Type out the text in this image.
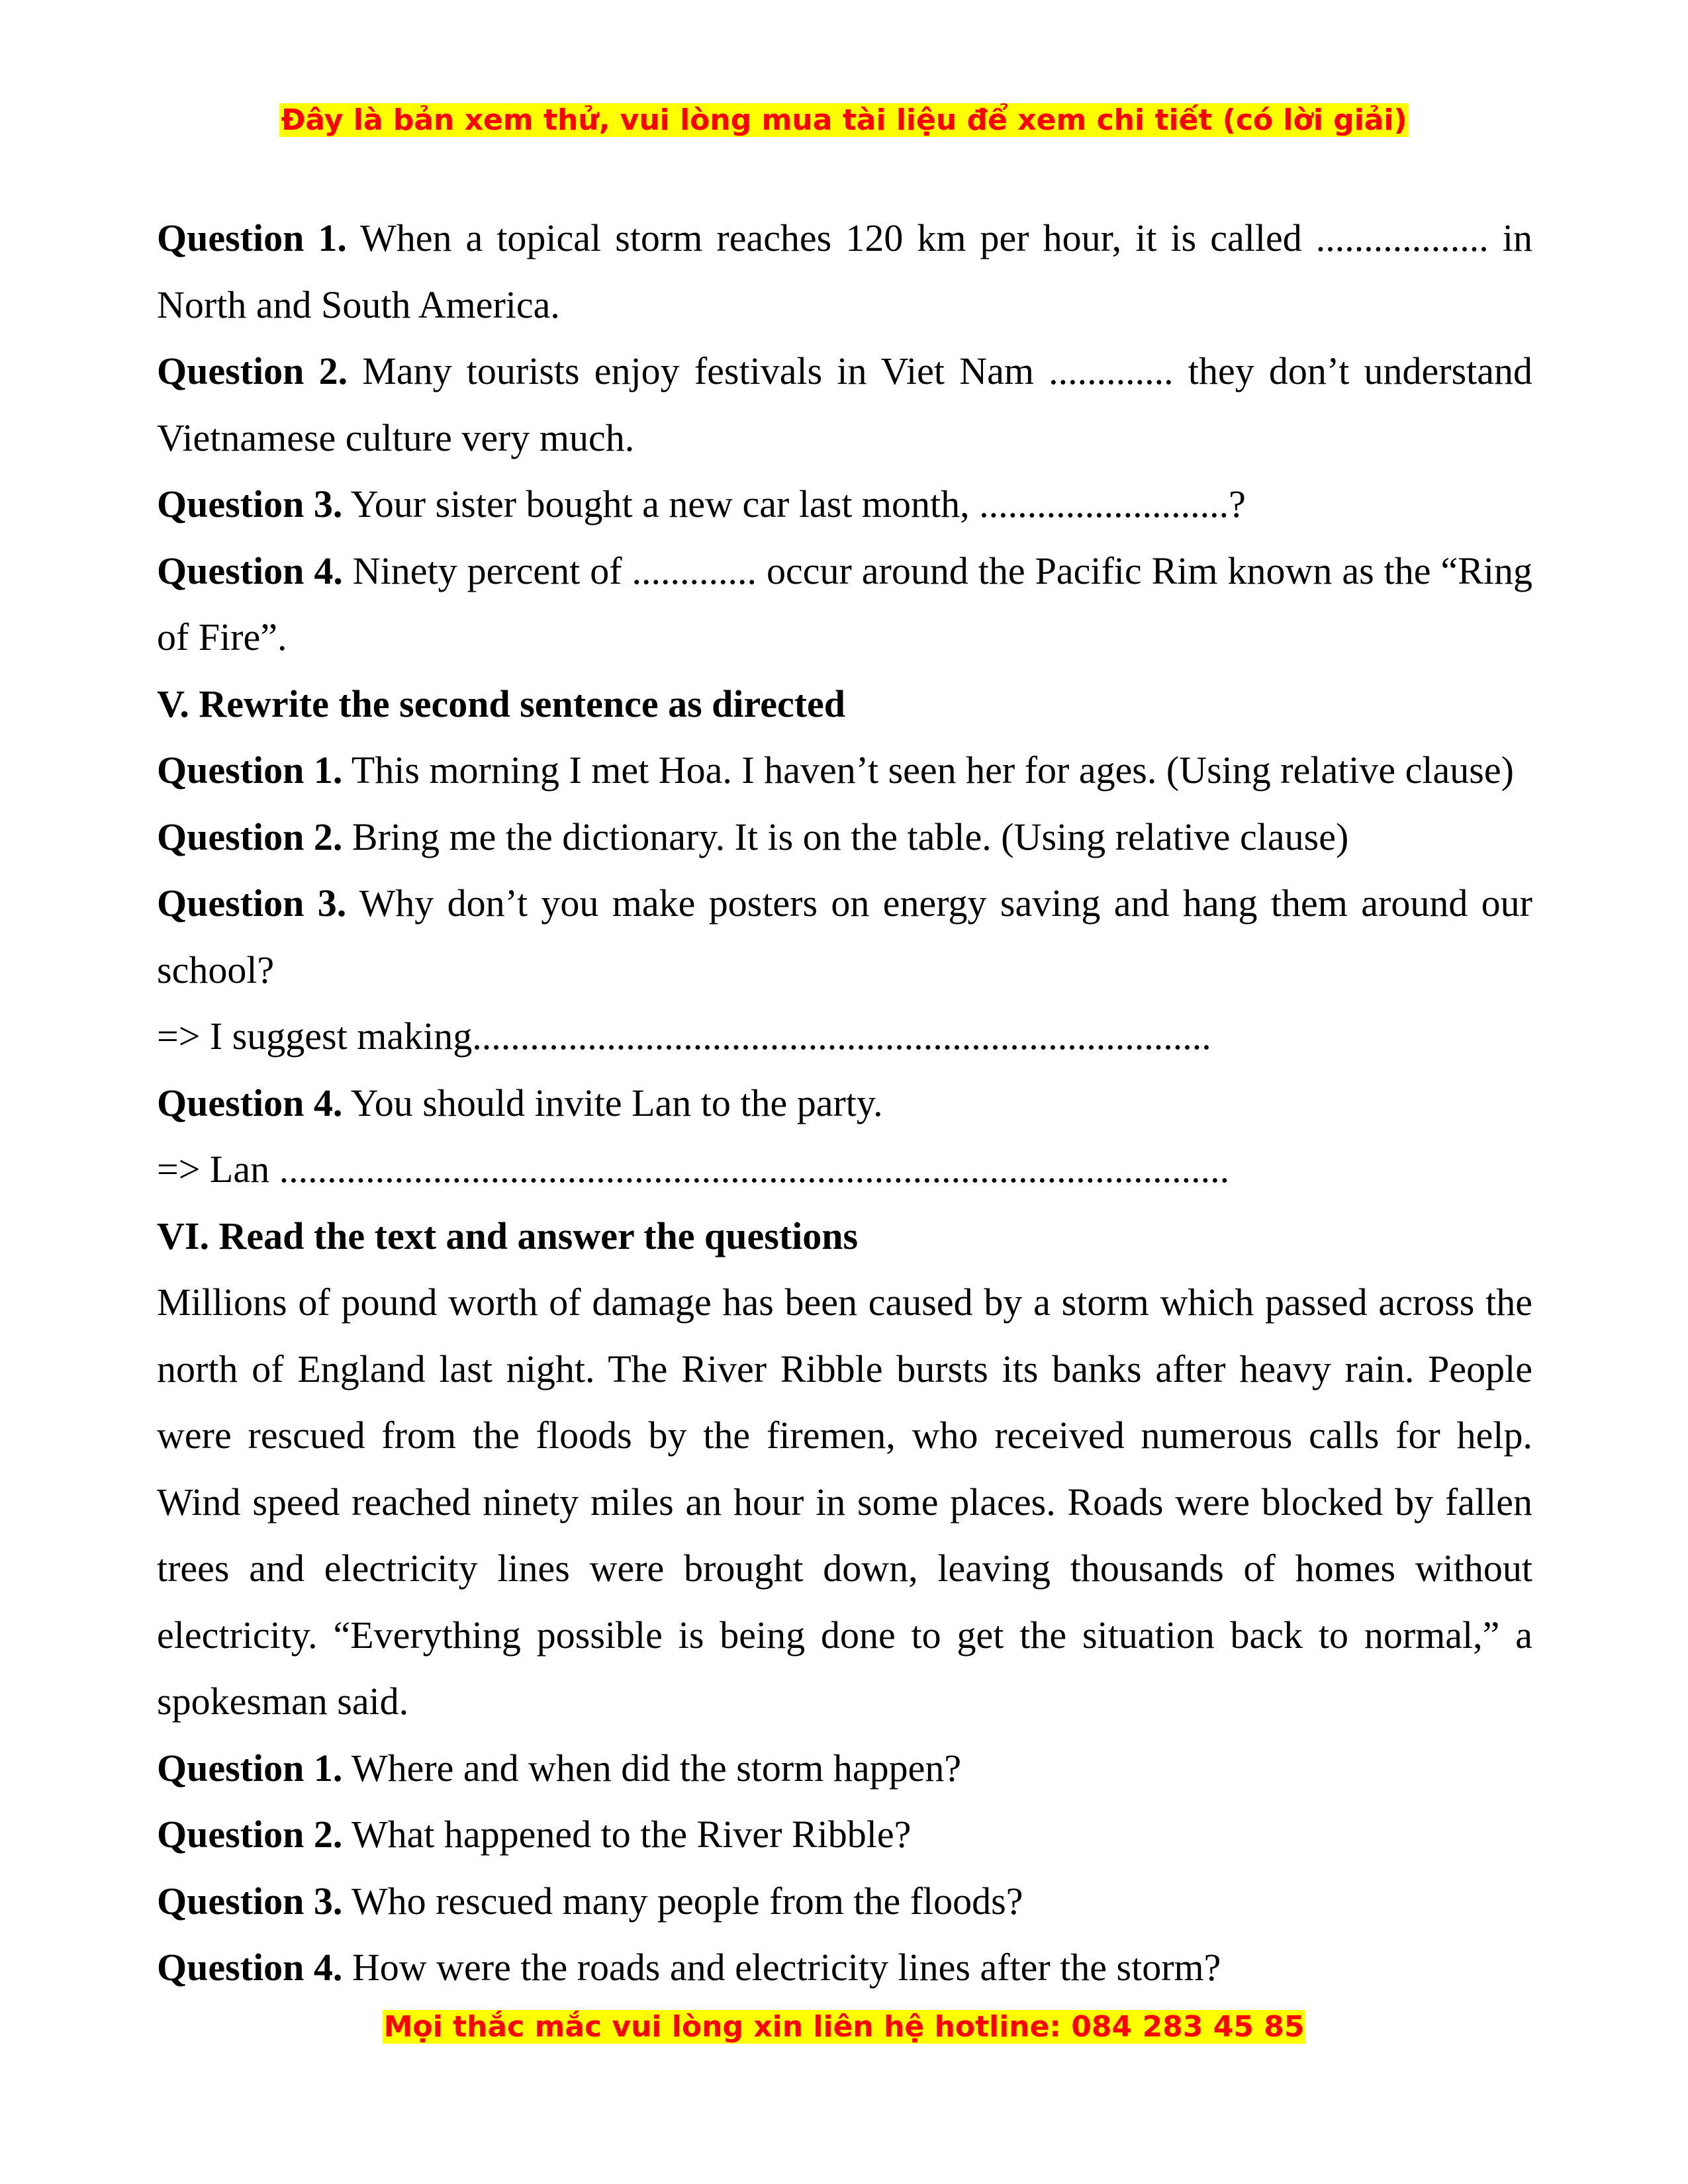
Đây là bản xem thử, vui lòng mua tài liệu để xem chi tiết (có lời giải)

Question 1. When a topical storm reaches 120 km per hour, it is called .................. in North and South America.

Question 2. Many tourists enjoy festivals in Viet Nam ............. they don’t understand Vietnamese culture very much.

Question 3. Your sister bought a new car last month, ..........................?

Question 4. Ninety percent of ............. occur around the Pacific Rim known as the “Ring of Fire”.

V. Rewrite the second sentence as directed

Question 1. This morning I met Hoa. I haven’t seen her for ages. (Using relative clause)

Question 2. Bring me the dictionary. It is on the table. (Using relative clause)

Question 3. Why don’t you make posters on energy saving and hang them around our school?

=> I suggest making.............................................................................

Question 4. You should invite Lan to the party.

=> Lan ...................................................................................................

VI. Read the text and answer the questions

Millions of pound worth of damage has been caused by a storm which passed across the north of England last night. The River Ribble bursts its banks after heavy rain. People were rescued from the floods by the firemen, who received numerous calls for help. Wind speed reached ninety miles an hour in some places. Roads were blocked by fallen trees and electricity lines were brought down, leaving thousands of homes without electricity. “Everything possible is being done to get the situation back to normal,” a spokesman said.

Question 1. Where and when did the storm happen?

Question 2. What happened to the River Ribble?

Question 3. Who rescued many people from the floods?

Question 4. How were the roads and electricity lines after the storm?

Mọi thắc mắc vui lòng xin liên hệ hotline: 084 283 45 85
